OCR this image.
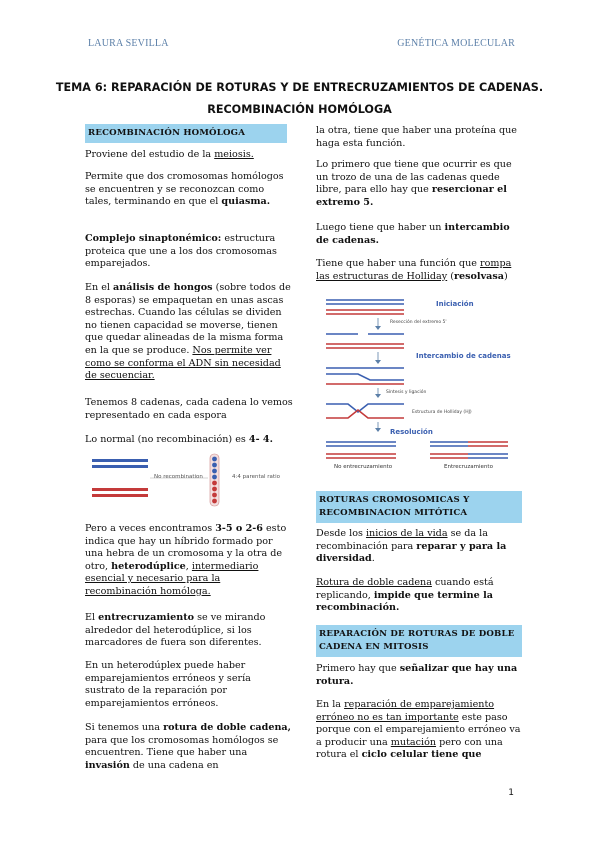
LAURA SEVILLA	GENÉTICA MOLECULAR
TEMA 6: REPARACIÓN DE ROTURAS Y DE ENTRECRUZAMIENTOS DE CADENAS.
RECOMBINACIÓN HOMÓLOGA
RECOMBINACIÓN HOMÓLOGA

Proviene del estudio de la meiosis.

Permite que dos cromosomas homólogos se encuentren y se reconozcan como tales, terminando en que el quiasma.

Complejo sinaptonémico: estructura proteica que une a los dos cromosomas emparejados.

En el análisis de hongos (sobre todos de 8 esporas) se empaquetan en unas ascas estrechas. Cuando las células se dividen no tienen capacidad se moverse, tienen que quedar alineadas de la misma forma en la que se produce. Nos permite ver como se conforma el ADN sin necesidad de secuenciar.

Tenemos 8 cadenas, cada cadena lo vemos representado en cada espora

Lo normal (no recombinación) es 4- 4.

No recombination	4:4 parental ratio

Pero a veces encontramos 3-5 o 2-6 esto indica que hay un híbrido formado por una hebra de un cromosoma y la otra de otro, heterodúplice, intermediario esencial y necesario para la recombinación homóloga.

El entrecruzamiento se ve mirando alrededor del heterodúplice, si los marcadores de fuera son diferentes.

En un heterodúplex puede haber emparejamientos erróneos y sería sustrato de la reparación por emparejamientos erróneos.

Si tenemos una rotura de doble cadena, para que los cromosomas homólogos se encuentren. Tiene que haber una invasión de una cadena en

la otra, tiene que haber una proteína que haga esta función.

Lo primero que tiene que ocurrir es que un trozo de una de las cadenas quede libre, para ello hay que resercionar el extremo 5.

Luego tiene que haber un intercambio de cadenas.

Tiene que haber una función que rompa las estructuras de Holliday (resolvasa)

Iniciación
Resección del extremo 5'
Intercambio de cadenas
Síntesis y ligación
Estructura de Holliday (HJ)
Resolución
No entrecruzamiento	Entrecruzamiento
ROTURAS CROMOSOMICAS Y RECOMBINACION MITÓTICA

Desde los inicios de la vida se da la recombinación para reparar y para la diversidad.

Rotura de doble cadena cuando está replicando, impide que termine la recombinación.

REPARACIÓN DE ROTURAS DE DOBLE CADENA EN MITOSIS

Primero hay que señalizar que hay una rotura.

En la reparación de emparejamiento erróneo no es tan importante este paso porque con el emparejamiento erróneo va a producir una mutación pero con una rotura el ciclo celular tiene que

1
